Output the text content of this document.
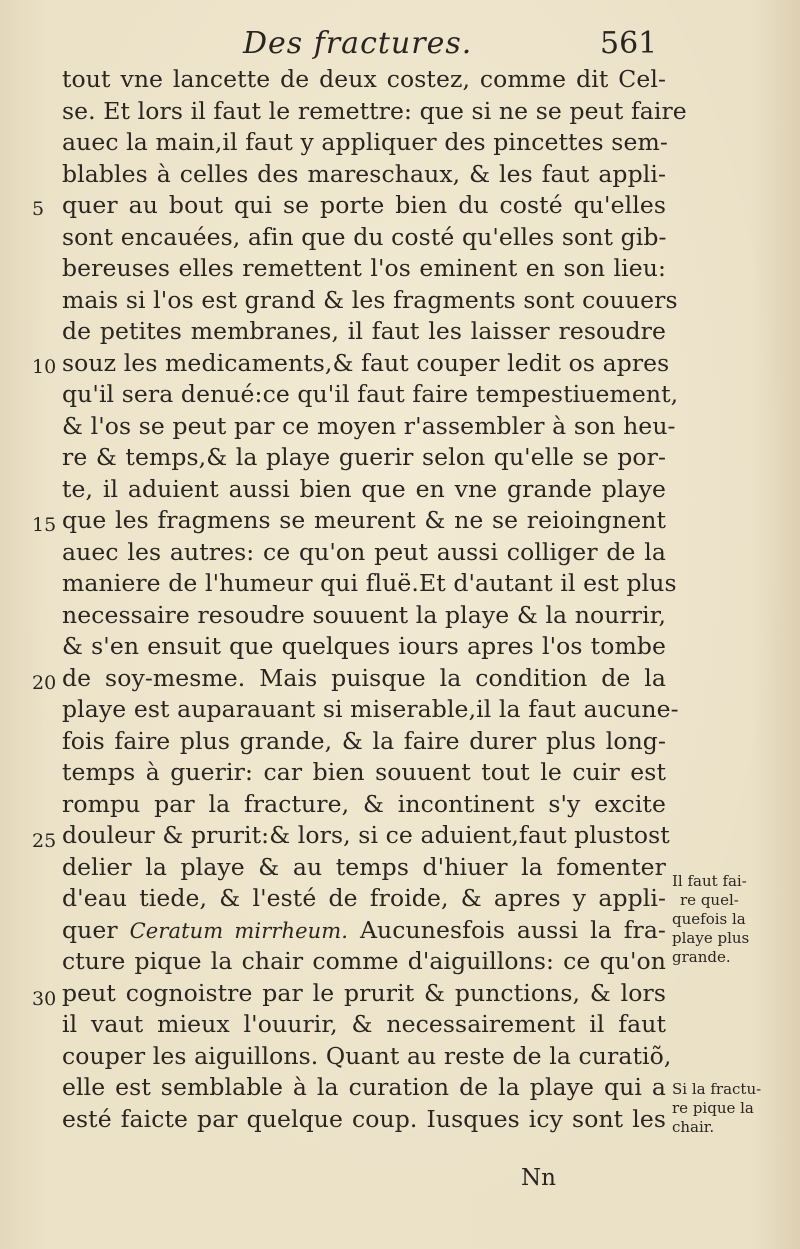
Des fractures.	561
5
10
15
20
25
30
tout vne lancette de deux costez, comme dit Cel-
se. Et lors il faut le remettre: que si ne se peut faire
auec la main,il faut y appliquer des pincettes sem-
blables à celles des mareschaux, & les faut appli-
quer au bout qui se porte bien du costé qu'elles
sont encauées, afin que du costé qu'elles sont gib-
bereuses elles remettent l'os eminent en son lieu:
mais si l'os est grand & les fragments sont couuers
de petites membranes, il faut les laisser resoudre
souz les medicaments,& faut couper ledit os apres
qu'il sera denué:ce qu'il faut faire tempestiuement,
& l'os se peut par ce moyen r'assembler à son heu-
re & temps,& la playe guerir selon qu'elle se por-
te, il aduient aussi bien que en vne grande playe
que les fragmens se meurent & ne se reioingnent
auec les autres: ce qu'on peut aussi colliger de la
maniere de l'humeur qui fluë.Et d'autant il est plus
necessaire resoudre souuent la playe & la nourrir,
& s'en ensuit que quelques iours apres l'os tombe
de soy-mesme. Mais puisque la condition de la
playe est auparauant si miserable,il la faut aucune-
fois faire plus grande, & la faire durer plus long-
temps à guerir: car bien souuent tout le cuir est
rompu par la fracture, & incontinent s'y excite
douleur & prurit:& lors, si ce aduient,faut plustost
delier la playe & au temps d'hiuer la fomenter
d'eau tiede, & l'esté de froide, & apres y appli-
quer Ceratum mirrheum. Aucunesfois aussi la fra-
cture pique la chair comme d'aiguillons: ce qu'on
peut cognoistre par le prurit & punctions, & lors
il vaut mieux l'ouurir, & necessairement il faut
couper les aiguillons. Quant au reste de la curatiõ,
elle est semblable à la curation de la playe qui a
esté faicte par quelque coup. Iusques icy sont les
Il faut fai-
re quel-
quefois la
playe plus
grande.
Si la fractu-
re pique la
chair.
Nn
